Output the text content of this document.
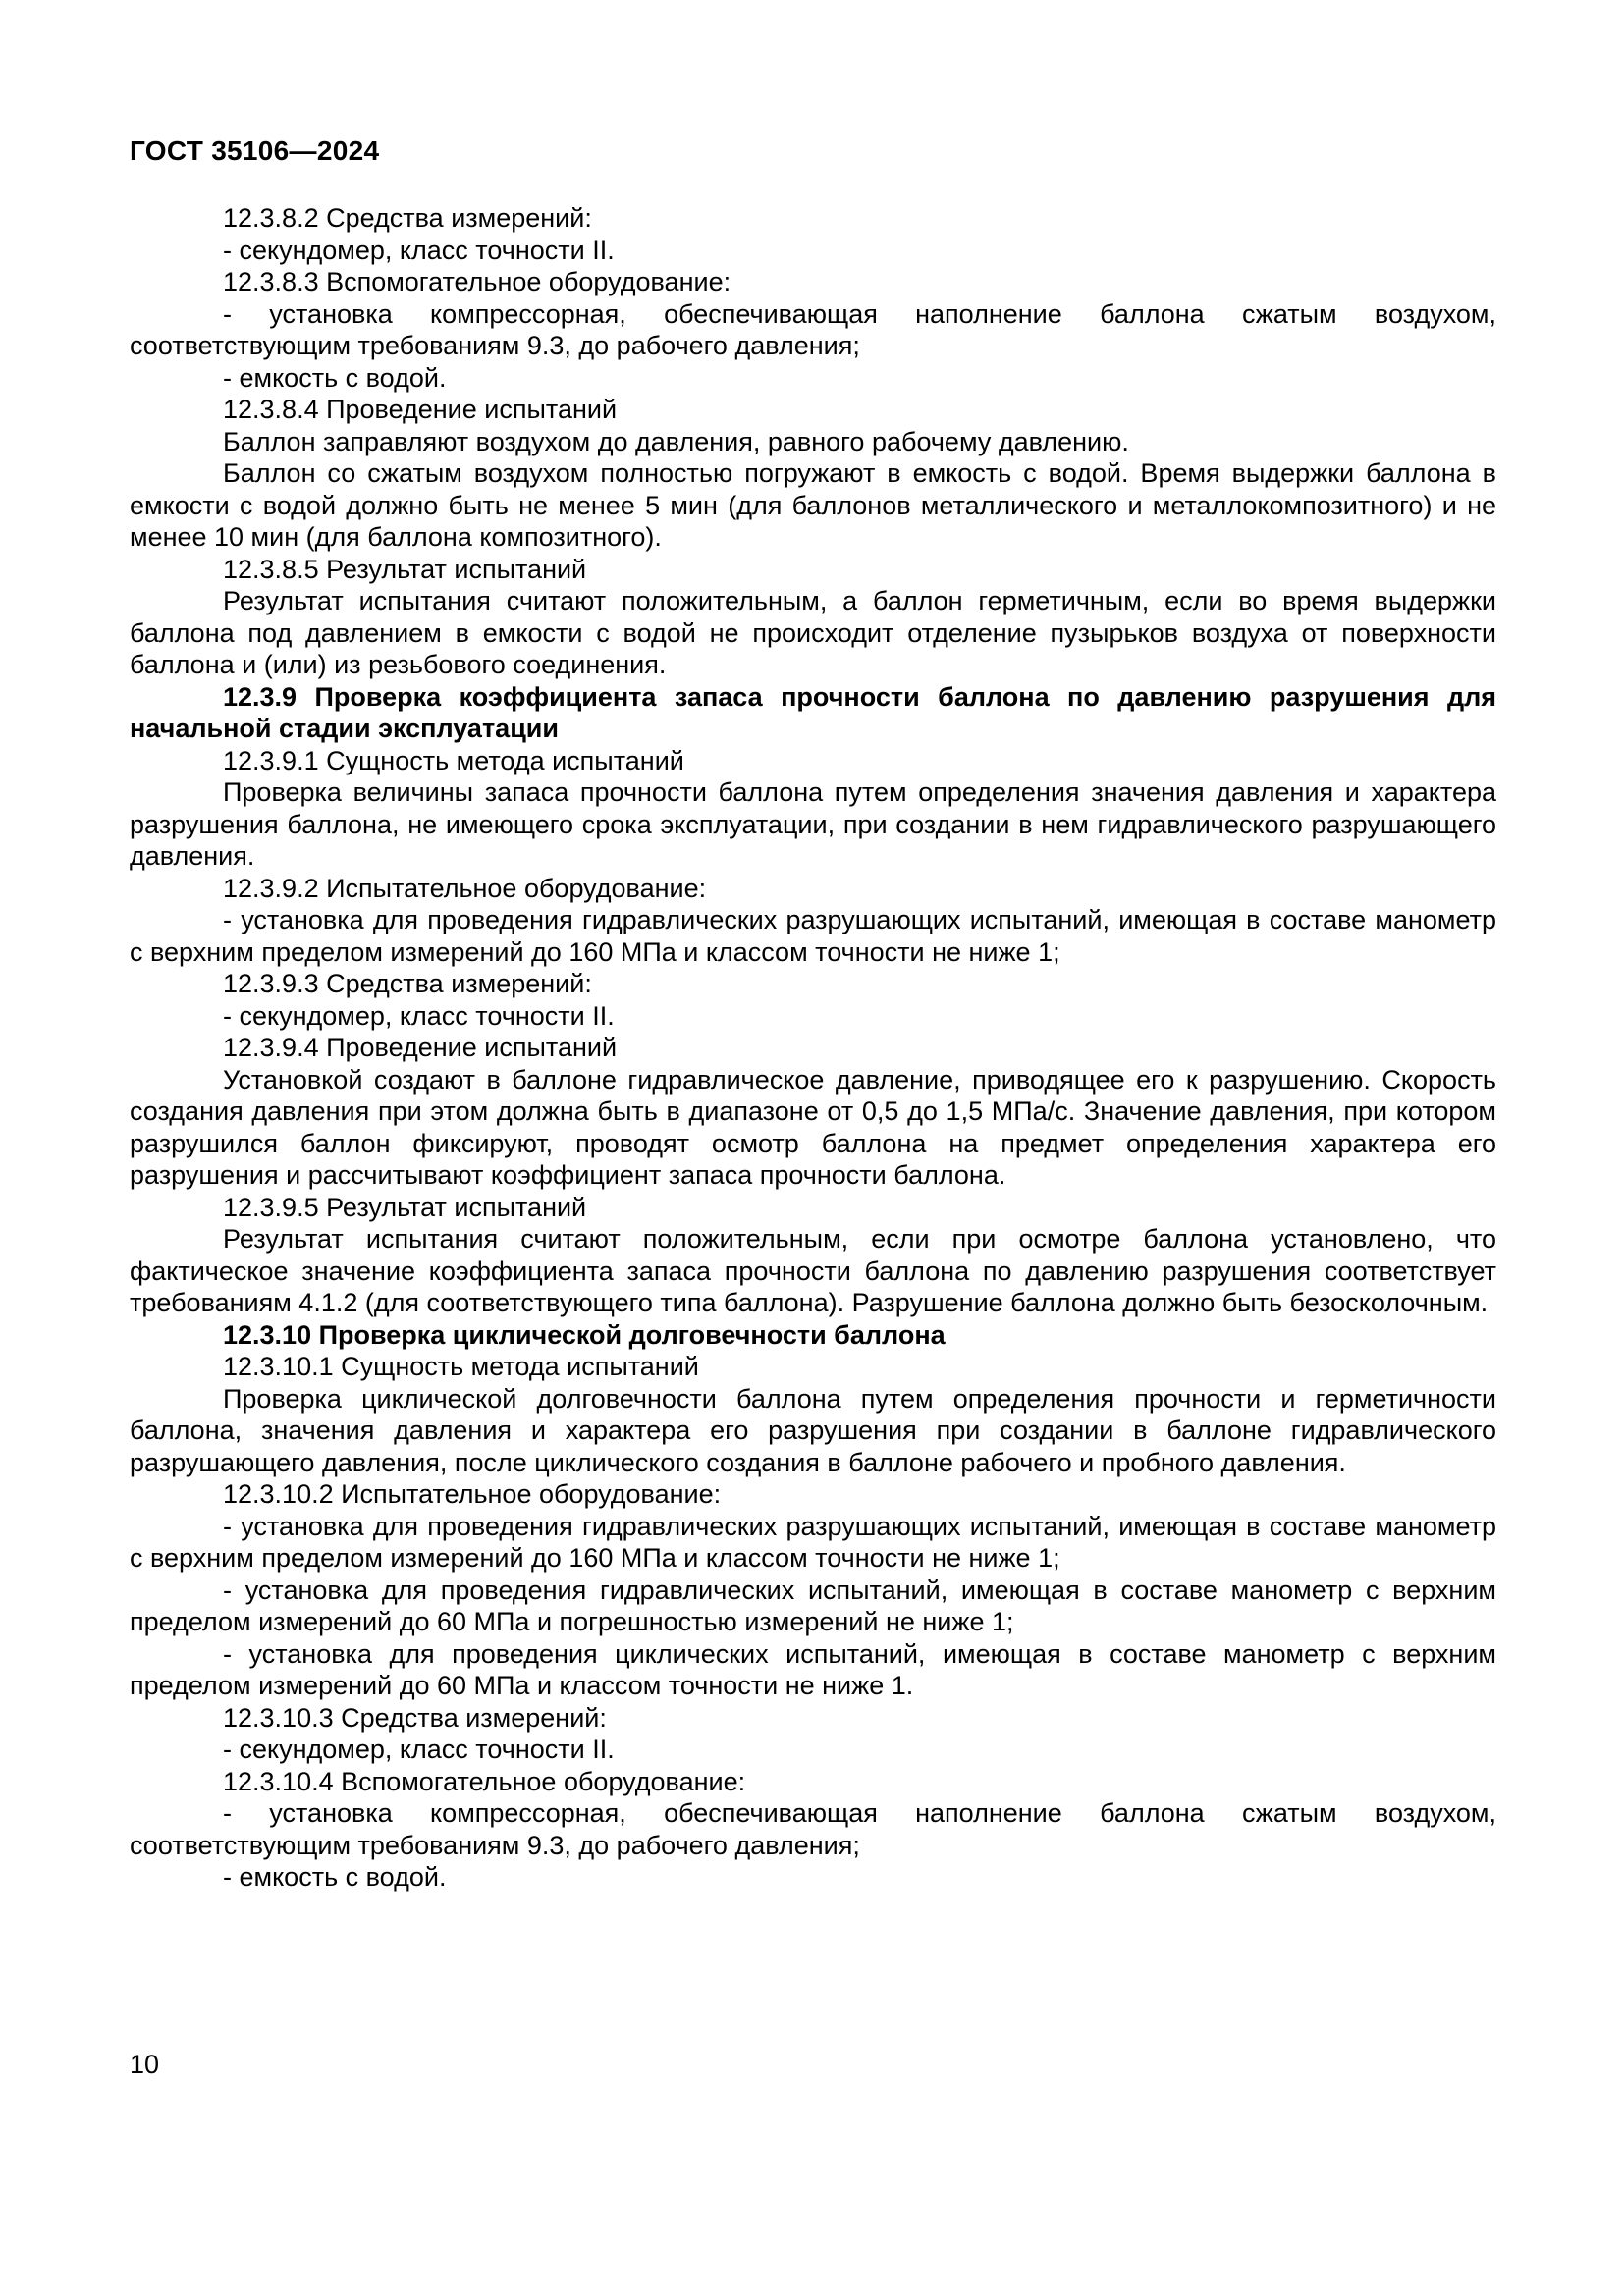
ГОСТ 35106—2024

12.3.8.2 Средства измерений:

- секундомер, класс точности II.

12.3.8.3 Вспомогательное оборудование:

- установка компрессорная, обеспечивающая наполнение баллона сжатым воздухом, соответствующим требованиям 9.3, до рабочего давления;

- емкость с водой.

12.3.8.4 Проведение испытаний

Баллон заправляют воздухом до давления, равного рабочему давлению.

Баллон со сжатым воздухом полностью погружают в емкость с водой. Время выдержки баллона в емкости с водой должно быть не менее 5 мин (для баллонов металлического и металлокомпозитного) и не менее 10 мин (для баллона композитного).

12.3.8.5 Результат испытаний

Результат испытания считают положительным, а баллон герметичным, если во время выдержки баллона под давлением в емкости с водой не происходит отделение пузырьков воздуха от поверхности баллона и (или) из резьбового соединения.

12.3.9 Проверка коэффициента запаса прочности баллона по давлению разрушения для начальной стадии эксплуатации

12.3.9.1 Сущность метода испытаний

Проверка величины запаса прочности баллона путем определения значения давления и характера разрушения баллона, не имеющего срока эксплуатации, при создании в нем гидравлического разрушающего давления.

12.3.9.2 Испытательное оборудование:

- установка для проведения гидравлических разрушающих испытаний, имеющая в составе манометр с верхним пределом измерений до 160 МПа и классом точности не ниже 1;

12.3.9.3 Средства измерений:

- секундомер, класс точности II.

12.3.9.4 Проведение испытаний

Установкой создают в баллоне гидравлическое давление, приводящее его к разрушению. Скорость создания давления при этом должна быть в диапазоне от 0,5 до 1,5 МПа/с. Значение давления, при котором разрушился баллон фиксируют, проводят осмотр баллона на предмет определения характера его разрушения и рассчитывают коэффициент запаса прочности баллона.

12.3.9.5 Результат испытаний

Результат испытания считают положительным, если при осмотре баллона установлено, что фактическое значение коэффициента запаса прочности баллона по давлению разрушения соответствует требованиям 4.1.2 (для соответствующего типа баллона). Разрушение баллона должно быть безосколочным.

12.3.10 Проверка циклической долговечности баллона

12.3.10.1 Сущность метода испытаний

Проверка циклической долговечности баллона путем определения прочности и герметичности баллона, значения давления и характера его разрушения при создании в баллоне гидравлического разрушающего давления, после циклического создания в баллоне рабочего и пробного давления.

12.3.10.2 Испытательное оборудование:

- установка для проведения гидравлических разрушающих испытаний, имеющая в составе манометр с верхним пределом измерений до 160 МПа и классом точности не ниже 1;

- установка для проведения гидравлических испытаний, имеющая в составе манометр с верхним пределом измерений до 60 МПа и погрешностью измерений не ниже 1;

- установка для проведения циклических испытаний, имеющая в составе манометр с верхним пределом измерений до 60 МПа и классом точности не ниже 1.

12.3.10.3 Средства измерений:

- секундомер, класс точности II.

12.3.10.4 Вспомогательное оборудование:

- установка компрессорная, обеспечивающая наполнение баллона сжатым воздухом, соответствующим требованиям 9.3, до рабочего давления;

- емкость с водой.

10
